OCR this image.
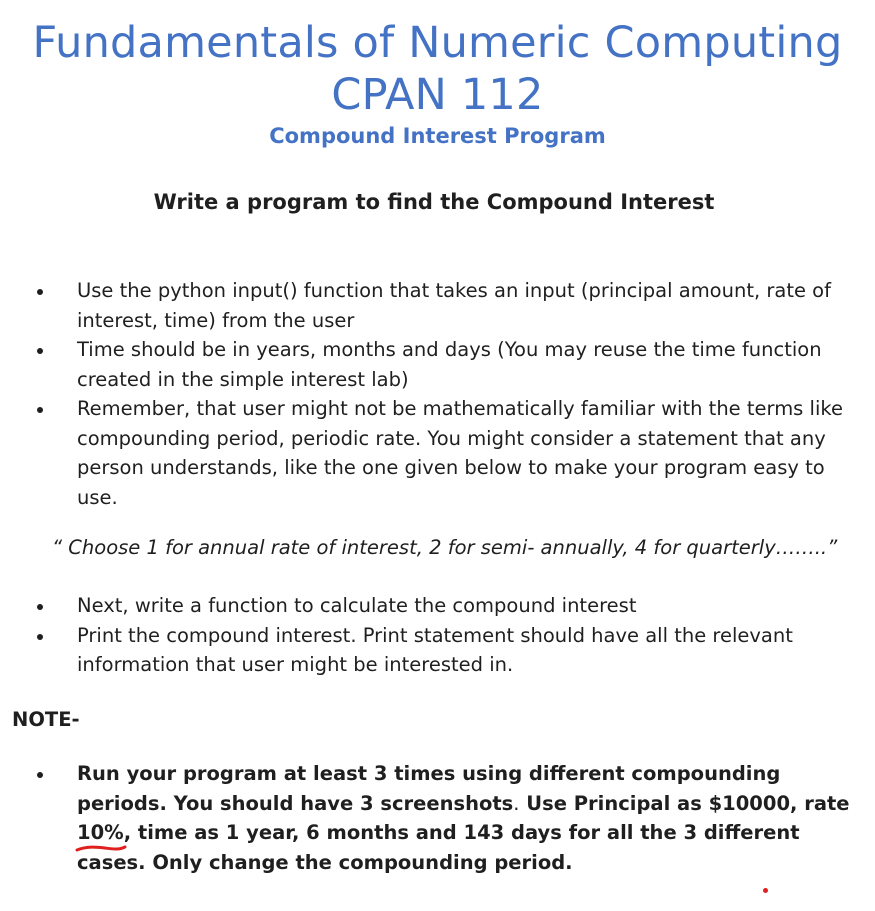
Fundamentals of Numeric Computing
CPAN 112
Compound Interest Program
Write a program to find the Compound Interest
Use the python input() function that takes an input (principal amount, rate of interest, time) from the user
Time should be in years, months and days (You may reuse the time function created in the simple interest lab)
Remember, that user might not be mathematically familiar with the terms like compounding period, periodic rate. You might consider a statement that any person understands, like the one given below to make your program easy to use.

“ Choose 1 for annual rate of interest, 2 for semi- annually, 4 for quarterly……..”

Next, write a function to calculate the compound interest
Print the compound interest. Print statement should have all the relevant information that user might be interested in.

NOTE-

Run your program at least 3 times using different compounding periods. You should have 3 screenshots. Use Principal as $10000, rate 10%
, time as 1 year, 6 months and 143 days for all the 3 different cases. Only change the compounding period.
